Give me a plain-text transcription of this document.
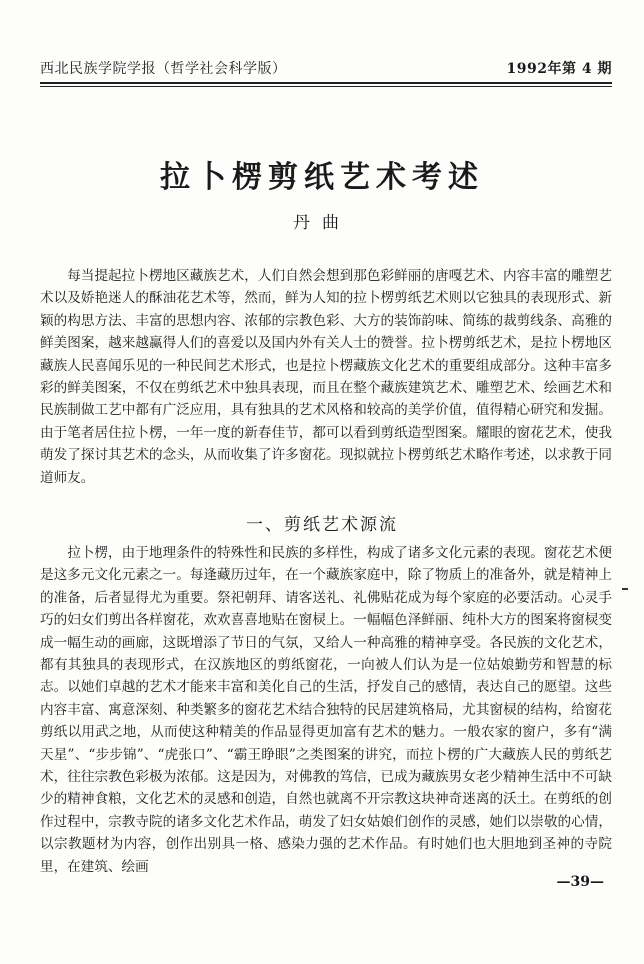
西北民族学院学报（哲学社会科学版）	1992年第 4 期
拉卜楞剪纸艺术考述
丹曲

每当提起拉卜楞地区藏族艺术，人们自然会想到那色彩鲜丽的唐嘎艺术、内容丰富的雕塑艺术以及娇艳迷人的酥油花艺术等，然而，鲜为人知的拉卜楞剪纸艺术则以它独具的表现形式、新颖的构思方法、丰富的思想内容、浓郁的宗教色彩、大方的装饰韵味、简练的裁剪线条、高雅的鲜美图案，越来越赢得人们的喜爱以及国内外有关人士的赞誉。拉卜楞剪纸艺术，是拉卜楞地区藏族人民喜闻乐见的一种民间艺术形式，也是拉卜楞藏族文化艺术的重要组成部分。这种丰富多彩的鲜美图案，不仅在剪纸艺术中独具表现，而且在整个藏族建筑艺术、雕塑艺术、绘画艺术和民族制做工艺中都有广泛应用，具有独具的艺术风格和较高的美学价值，值得精心研究和发掘。由于笔者居住拉卜楞，一年一度的新春佳节，都可以看到剪纸造型图案。耀眼的窗花艺术，使我萌发了探讨其艺术的念头，从而收集了许多窗花。现拟就拉卜楞剪纸艺术略作考述，以求教于同道师友。

一、剪纸艺术源流

拉卜楞，由于地理条件的特殊性和民族的多样性，构成了诸多文化元素的表现。窗花艺术便是这多元文化元素之一。每逢藏历过年，在一个藏族家庭中，除了物质上的准备外，就是精神上的准备，后者显得尤为重要。祭祀朝拜、请客送礼、礼佛贴花成为每个家庭的必要活动。心灵手巧的妇女们剪出各样窗花，欢欢喜喜地贴在窗棂上。一幅幅色泽鲜丽、纯朴大方的图案将窗棂变成一幅生动的画廊，这既增添了节日的气氛，又给人一种高雅的精神享受。各民族的文化艺术，都有其独具的表现形式，在汉族地区的剪纸窗花，一向被人们认为是一位姑娘勤劳和智慧的标志。以她们卓越的艺术才能来丰富和美化自己的生活，抒发自己的感情，表达自己的愿望。这些内容丰富、寓意深刻、种类繁多的窗花艺术结合独特的民居建筑格局，尤其窗棂的结构，给窗花剪纸以用武之地，从而使这种精美的作品显得更加富有艺术的魅力。一般农家的窗户，多有“满天星”、“步步锦”、“虎张口”、“霸王睁眼”之类图案的讲究，而拉卜楞的广大藏族人民的剪纸艺术，往往宗教色彩极为浓郁。这是因为，对佛教的笃信，已成为藏族男女老少精神生活中不可缺少的精神食粮，文化艺术的灵感和创造，自然也就离不开宗教这块神奇迷离的沃土。在剪纸的创作过程中，宗教寺院的诸多文化艺术作品，萌发了妇女姑娘们创作的灵感，她们以崇敬的心情，以宗教题材为内容，创作出别具一格、感染力强的艺术作品。有时她们也大胆地到圣神的寺院里，在建筑、绘画

—39—
